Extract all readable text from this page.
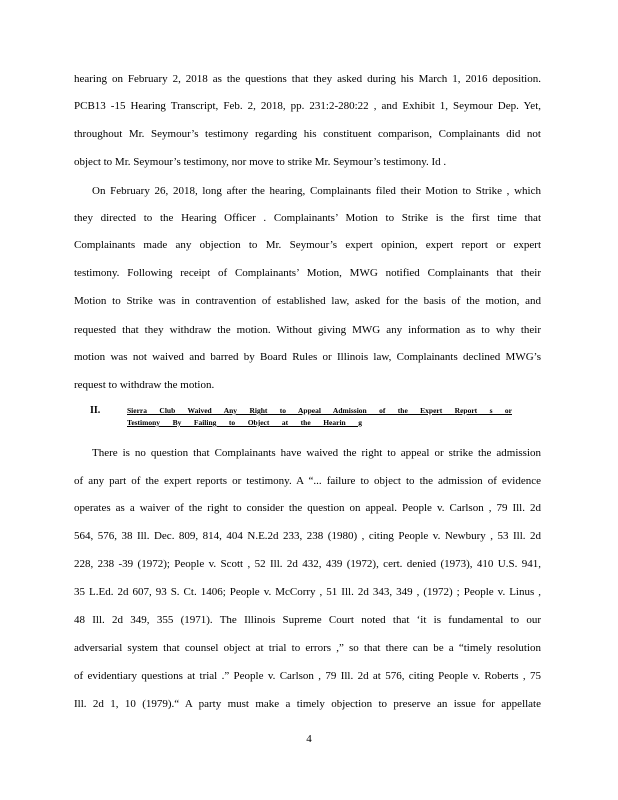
hearing on February 2, 2018 as the questions that they asked during his March 1, 2016 deposition.
PCB13 -15 Hearing Transcript, Feb. 2, 2018, pp. 231:2-280:22 , and Exhibit 1, Seymour Dep. Yet,
throughout Mr. Seymour’s testimony regarding his constituent comparison, Complainants did not
object to Mr. Seymour’s testimony, nor move to strike Mr. Seymour’s testimony. Id .
On February 26, 2018, long after the hearing, Complainants filed their Motion to Strike , which
they directed to the Hearing Officer . Complainants’ Motion to Strike is the first time that
Complainants made any objection to Mr. Seymour’s expert opinion, expert report or expert
testimony. Following receipt of Complainants’ Motion, MWG notified Complainants that their
Motion to Strike was in contravention of established law, asked for the basis of the motion, and
requested that they withdraw the motion. Without giving MWG any information as to why their
motion was not waived and barred by Board Rules or Illinois law, Complainants declined MWG’s
request to withdraw the motion.
II.	Sierra Club Waived Any Right to Appeal Admission of the Expert Report s or
Testimony By Failing to Object at the Hearin g
There is no question that Complainants have waived the right to appeal or strike the admission
of any part of the expert reports or testimony. A “... failure to object to the admission of evidence
operates as a waiver of the right to consider the question on appeal. People v. Carlson , 79 Ill. 2d
564, 576, 38 Ill. Dec. 809, 814, 404 N.E.2d 233, 238 (1980) , citing People v. Newbury , 53 Ill. 2d
228, 238 -39 (1972); People v. Scott , 52 Ill. 2d 432, 439 (1972), cert. denied (1973), 410 U.S. 941,
35 L.Ed. 2d 607, 93 S. Ct. 1406; People v. McCorry , 51 Ill. 2d 343, 349 , (1972) ; People v. Linus ,
48 Ill. 2d 349, 355 (1971). The Illinois Supreme Court noted that ‘it is fundamental to our
adversarial system that counsel object at trial to errors ,” so that there can be a “timely resolution
of evidentiary questions at trial .” People v. Carlson , 79 Ill. 2d at 576, citing People v. Roberts , 75
Ill. 2d 1, 10 (1979).“ A party must make a timely objection to preserve an issue for appellate
4
